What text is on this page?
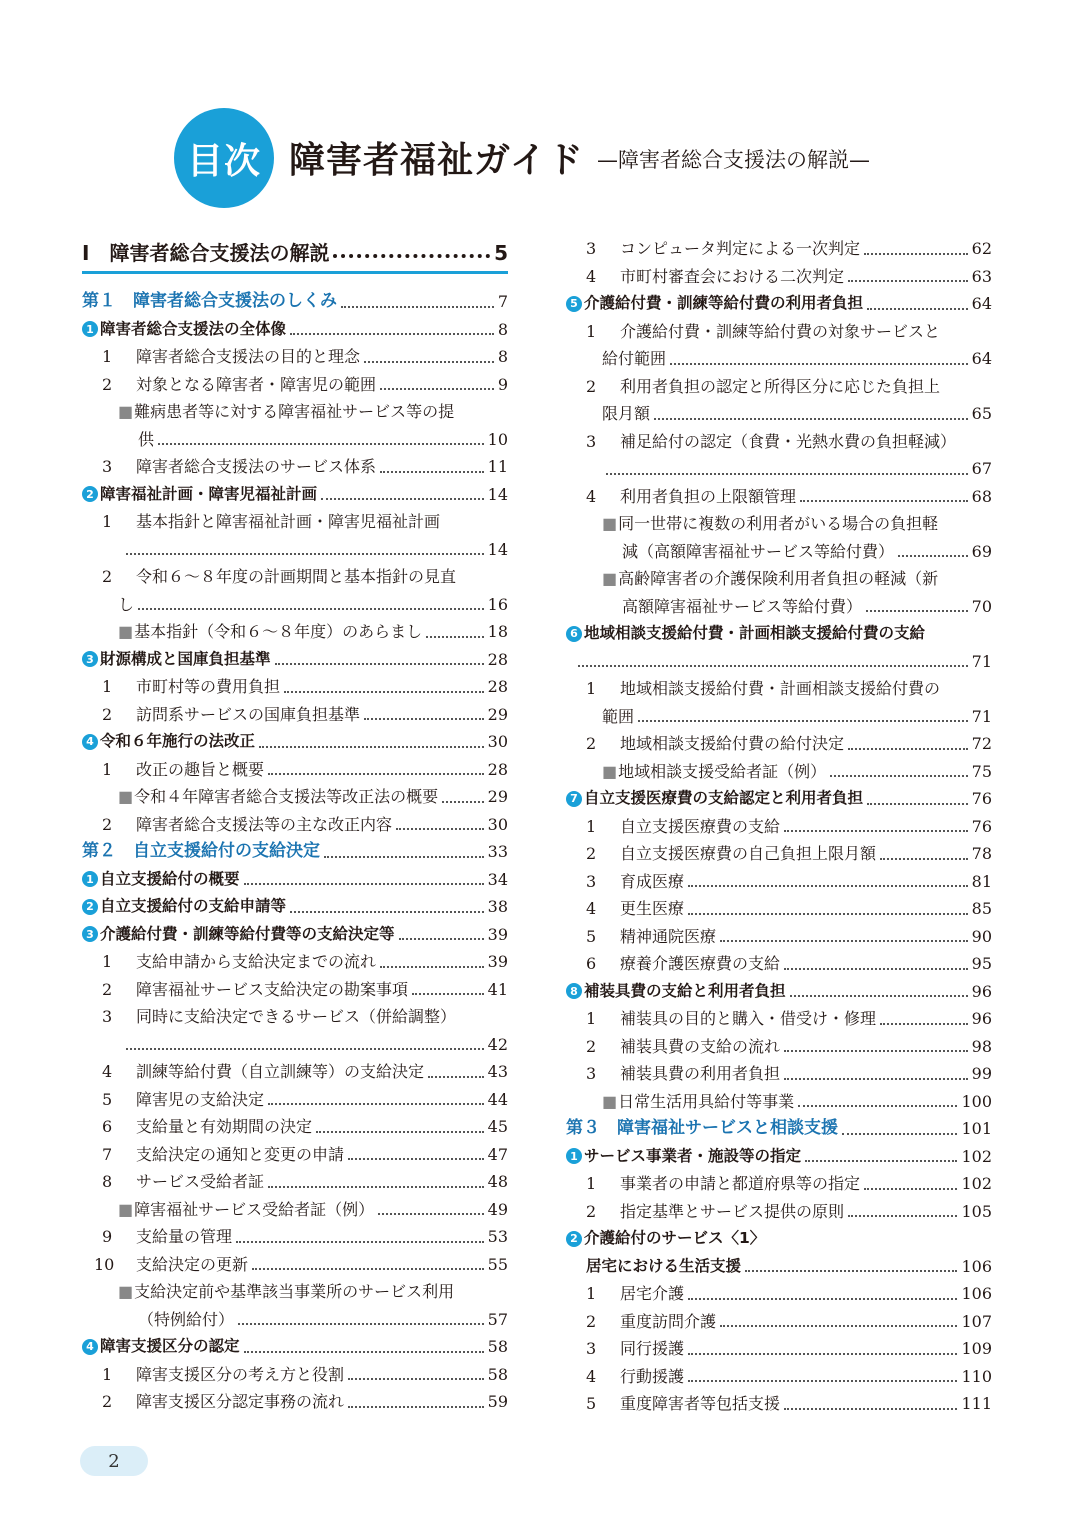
目次 障害者福祉ガイド —障害者総合支援法の解説—
Ⅰ　障害者総合支援法の解説	5
第１　障害者総合支援法のしくみ	7
1 障害者総合支援法の全体像	8
1	障害者総合支援法の目的と理念	8
2	対象となる障害者・障害児の範囲	9
■ 難病患者等に対する障害福祉サービス等の提
供	10
3	障害者総合支援法のサービス体系	11
2 障害福祉計画・障害児福祉計画	14
1	基本指針と障害福祉計画・障害児福祉計画
14
2	令和６～８年度の計画期間と基本指針の見直
し	16
■ 基本指針（令和６～８年度）のあらまし	18
3 財源構成と国庫負担基準	28
1	市町村等の費用負担	28
2	訪問系サービスの国庫負担基準	29
4 令和６年施行の法改正	30
1	改正の趣旨と概要	28
■ 令和４年障害者総合支援法等改正法の概要	29
2	障害者総合支援法等の主な改正内容	30
第２　自立支援給付の支給決定	33
1 自立支援給付の概要	34
2 自立支援給付の支給申請等	38
3 介護給付費・訓練等給付費等の支給決定等	39
1	支給申請から支給決定までの流れ	39
2	障害福祉サービス支給決定の勘案事項	41
3	同時に支給決定できるサービス（併給調整）
42
4	訓練等給付費（自立訓練等）の支給決定	43
5	障害児の支給決定	44
6	支給量と有効期間の決定	45
7	支給決定の通知と変更の申請	47
8	サービス受給者証	48
■ 障害福祉サービス受給者証（例）	49
9	支給量の管理	53
10	支給決定の更新	55
■ 支給決定前や基準該当事業所のサービス利用
（特例給付）	57
4 障害支援区分の認定	58
1	障害支援区分の考え方と役割	58
2	障害支援区分認定事務の流れ	59
3	コンピュータ判定による一次判定	62
4	市町村審査会における二次判定	63
5 介護給付費・訓練等給付費の利用者負担	64
1	介護給付費・訓練等給付費の対象サービスと
給付範囲	64
2	利用者負担の認定と所得区分に応じた負担上
限月額	65
3	補足給付の認定（食費・光熱水費の負担軽減）
67
4	利用者負担の上限額管理	68
■ 同一世帯に複数の利用者がいる場合の負担軽
減（高額障害福祉サービス等給付費）	69
■ 高齢障害者の介護保険利用者負担の軽減（新
高額障害福祉サービス等給付費）	70
6 地域相談支援給付費・計画相談支援給付費の支給
71
1	地域相談支援給付費・計画相談支援給付費の
範囲	71
2	地域相談支援給付費の給付決定	72
■ 地域相談支援受給者証（例）	75
7 自立支援医療費の支給認定と利用者負担	76
1	自立支援医療費の支給	76
2	自立支援医療費の自己負担上限月額	78
3	育成医療	81
4	更生医療	85
5	精神通院医療	90
6	療養介護医療費の支給	95
8 補装具費の支給と利用者負担	96
1	補装具の目的と購入・借受け・修理	96
2	補装具費の支給の流れ	98
3	補装具費の利用者負担	99
■ 日常生活用具給付等事業	100
第３　障害福祉サービスと相談支援	101
1 サービス事業者・施設等の指定	102
1	事業者の申請と都道府県等の指定	102
2	指定基準とサービス提供の原則	105
2 介護給付のサービス〈1〉
居宅における生活支援	106
1	居宅介護	106
2	重度訪問介護	107
3	同行援護	109
4	行動援護	110
5	重度障害者等包括支援	111
2
